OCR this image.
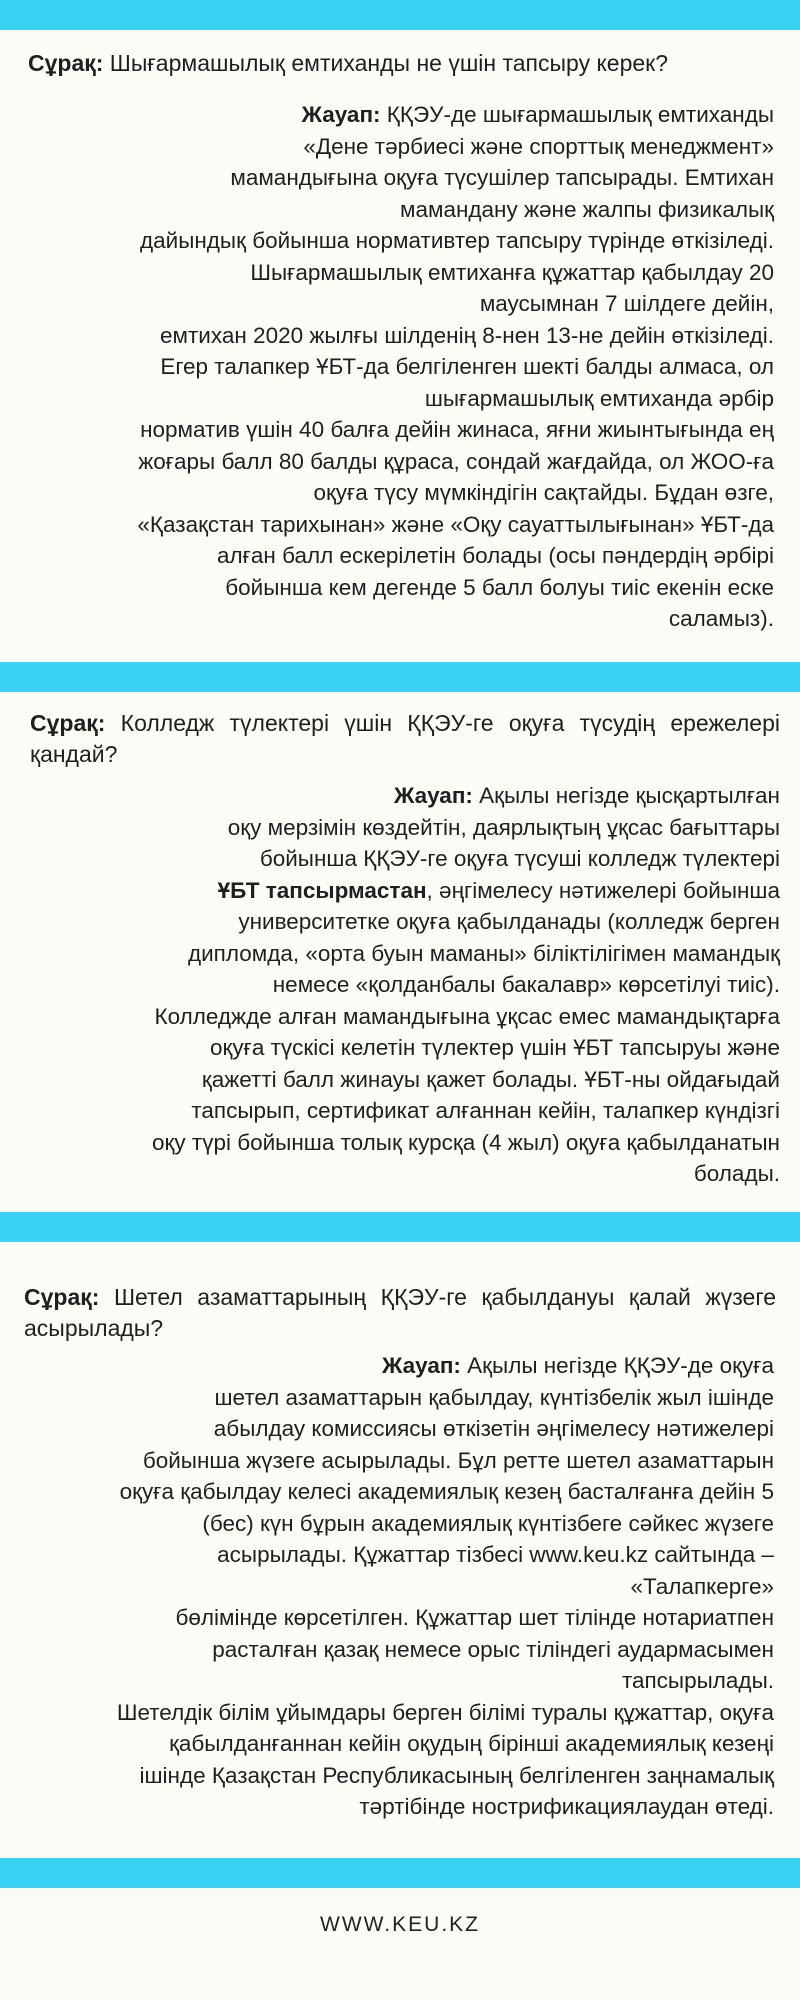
Сұрақ: Шығармашылық емтиханды не үшін тапсыру керек?

Жауап: ҚҚЭУ-де шығармашылық емтиханды
«Дене тәрбиесі және спорттық менеджмент»
мамандығына оқуға түсушілер тапсырады. Емтихан
мамандану және жалпы физикалық
дайындық бойынша нормативтер тапсыру түрінде өткізіледі.
Шығармашылық емтиханға құжаттар қабылдау 20
маусымнан 7 шілдеге дейін,
емтихан 2020 жылғы шілденің 8-нен 13-не дейін өткізіледі.
Егер талапкер ҰБТ-да белгіленген шекті балды алмаса, ол
шығармашылық емтиханда әрбір
норматив үшін 40 балға дейін жинаса, яғни жиынтығында ең
жоғары балл 80 балды құраса, сондай жағдайда, ол ЖОО-ға
оқуға түсу мүмкіндігін сақтайды. Бұдан өзге,
«Қазақстан тарихынан» және «Оқу сауаттылығынан» ҰБТ-да
алған балл ескерілетін болады (осы пәндердің әрбірі
бойынша кем дегенде 5 балл болуы тиіс екенін еске
саламыз).

Сұрақ: Колледж түлектері үшін ҚҚЭУ-ге оқуға түсудің ережелері қандай?

Жауап: Ақылы негізде қысқартылған
оқу мерзімін көздейтін, даярлықтың ұқсас бағыттары
бойынша ҚҚЭУ-ге оқуға түсуші колледж түлектері
ҰБТ тапсырмастан, әңгімелесу нәтижелері бойынша
университетке оқуға қабылданады (колледж берген
дипломда, «орта буын маманы» біліктілігімен мамандық
немесе «қолданбалы бакалавр» көрсетілуі тиіс).
Колледжде алған мамандығына ұқсас емес мамандықтарға
оқуға түскісі келетін түлектер үшін ҰБТ тапсыруы және
қажетті балл жинауы қажет болады. ҰБТ-ны ойдағыдай
тапсырып, сертификат алғаннан кейін, талапкер күндізгі
оқу түрі бойынша толық курсқа (4 жыл) оқуға қабылданатын
болады.

Сұрақ: Шетел азаматтарының ҚҚЭУ-ге қабылдануы қалай жүзеге асырылады?

Жауап: Ақылы негізде ҚҚЭУ-де оқуға
шетел азаматтарын қабылдау, күнтізбелік жыл ішінде
абылдау комиссиясы өткізетін әңгімелесу нәтижелері
бойынша жүзеге асырылады. Бұл ретте шетел азаматтарын
оқуға қабылдау келесі академиялық кезең басталғанға дейін 5
(бес) күн бұрын академиялық күнтізбеге сәйкес жүзеге
асырылады. Құжаттар тізбесі www.keu.kz сайтында –
«Талапкерге»
бөлімінде көрсетілген. Құжаттар шет тілінде нотариатпен
расталған қазақ немесе орыс тіліндегі аудармасымен
тапсырылады.
Шетелдік білім ұйымдары берген білімі туралы құжаттар, оқуға
қабылданғаннан кейін оқудың бірінші академиялық кезеңі
ішінде Қазақстан Республикасының белгіленген заңнамалық
тәртібінде нострификациялаудан өтеді.
WWW.KEU.KZ
